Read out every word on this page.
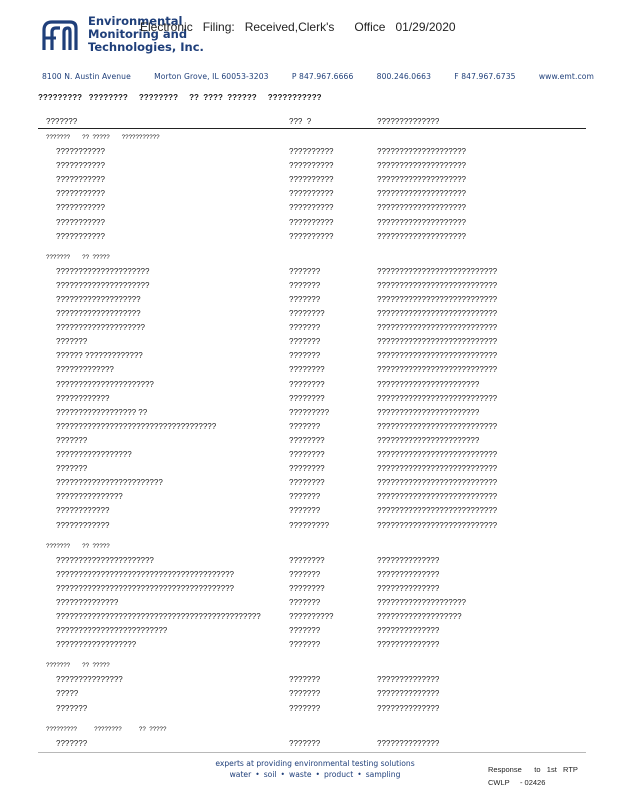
Environmental
Monitoring and
Technologies, Inc.
Electronic   Filing:   Received,Clerk's      Office   01/29/2020
8100 N. Austin Avenue	Morton Grove, IL 60053-3203	P 847.967.6666	800.246.0663	F 847.967.6735	www.emt.com
?????????   ????????     ????????     ??  ????  ??????     ???????????
???????	???  ?	??????????????
???????       ??  ?????       ???????????
???????????	??????????	????????????????????
???????????	??????????	????????????????????
???????????	??????????	????????????????????
???????????	??????????	????????????????????
???????????	??????????	????????????????????
???????????	??????????	????????????????????
???????????	??????????	????????????????????
???????       ??  ?????
?????????????????????	???????	???????????????????????????
?????????????????????	???????	???????????????????????????
???????????????????	???????	???????????????????????????
???????????????????	????????	???????????????????????????
????????????????????	???????	???????????????????????????
???????	???????	???????????????????????????
?????? ?????????????	???????	???????????????????????????
?????????????	????????	???????????????????????????
??????????????????????	????????	???????????????????????
????????????	????????	???????????????????????????
?????????????????? ??	?????????	???????????????????????
????????????????????????????????????	???????	???????????????????????????
???????	????????	???????????????????????
?????????????????	????????	???????????????????????????
???????	????????	???????????????????????????
????????????????????????	????????	???????????????????????????
???????????????	???????	???????????????????????????
????????????	???????	???????????????????????????
????????????	?????????	???????????????????????????
???????       ??  ?????
??????????????????????	????????	??????????????
????????????????????????????????????????	???????	??????????????
????????????????????????????????????????	????????	??????????????
??????????????	???????	????????????????????
??????????????????????????????????????????????	??????????	???????????????????
?????????????????????????	???????	??????????????
??????????????????	???????	??????????????
???????       ??  ?????
???????????????	???????	??????????????
?????	???????	??????????????
???????	???????	??????????????
?????????          ????????          ??  ?????
???????	???????	??????????????
experts at providing environmental testing solutions
water • soil • waste • product • sampling
Response      to   1st   RTP
CWLP     - 02426
